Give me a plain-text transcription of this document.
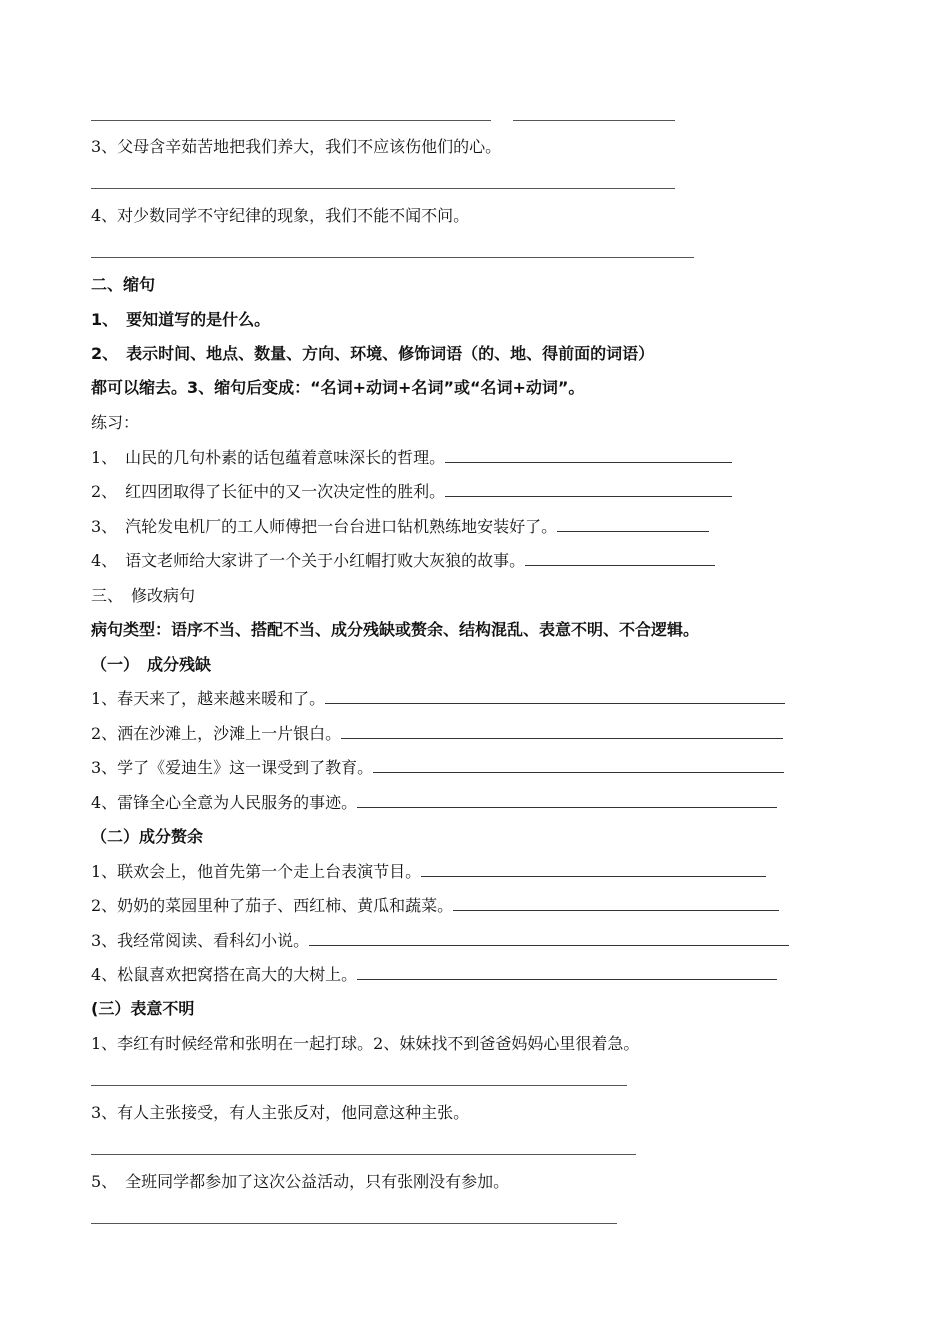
3、父母含辛茹苦地把我们养大，我们不应该伤他们的心。
4、对少数同学不守纪律的现象，我们不能不闻不问。
二、缩句
1、　要知道写的是什么。
2、　表示时间、地点、数量、方向、环境、修饰词语（的、地、得前面的词语）
都可以缩去。3、缩句后变成：“名词+动词+名词”或“名词+动词”。
练习：
1、　山民的几句朴素的话包蕴着意味深长的哲理。
2、　红四团取得了长征中的又一次决定性的胜利。
3、　汽轮发电机厂的工人师傅把一台台进口钻机熟练地安装好了。
4、　语文老师给大家讲了一个关于小红帽打败大灰狼的故事。
三、　修改病句
病句类型：语序不当、搭配不当、成分残缺或赘余、结构混乱、表意不明、不合逻辑。
（一）　成分残缺
1、春天来了，越来越来暖和了。
2、洒在沙滩上，沙滩上一片银白。
3、学了《爱迪生》这一课受到了教育。
4、雷锋全心全意为人民服务的事迹。
（二）成分赘余
1、联欢会上，他首先第一个走上台表演节目。
2、奶奶的菜园里种了茄子、西红柿、黄瓜和蔬菜。
3、我经常阅读、看科幻小说。
4、松鼠喜欢把窝搭在高大的大树上。
(三）表意不明
1、李红有时候经常和张明在一起打球。2、妹妹找不到爸爸妈妈心里很着急。
3、有人主张接受，有人主张反对，他同意这种主张。
5、　全班同学都参加了这次公益活动，只有张刚没有参加。
